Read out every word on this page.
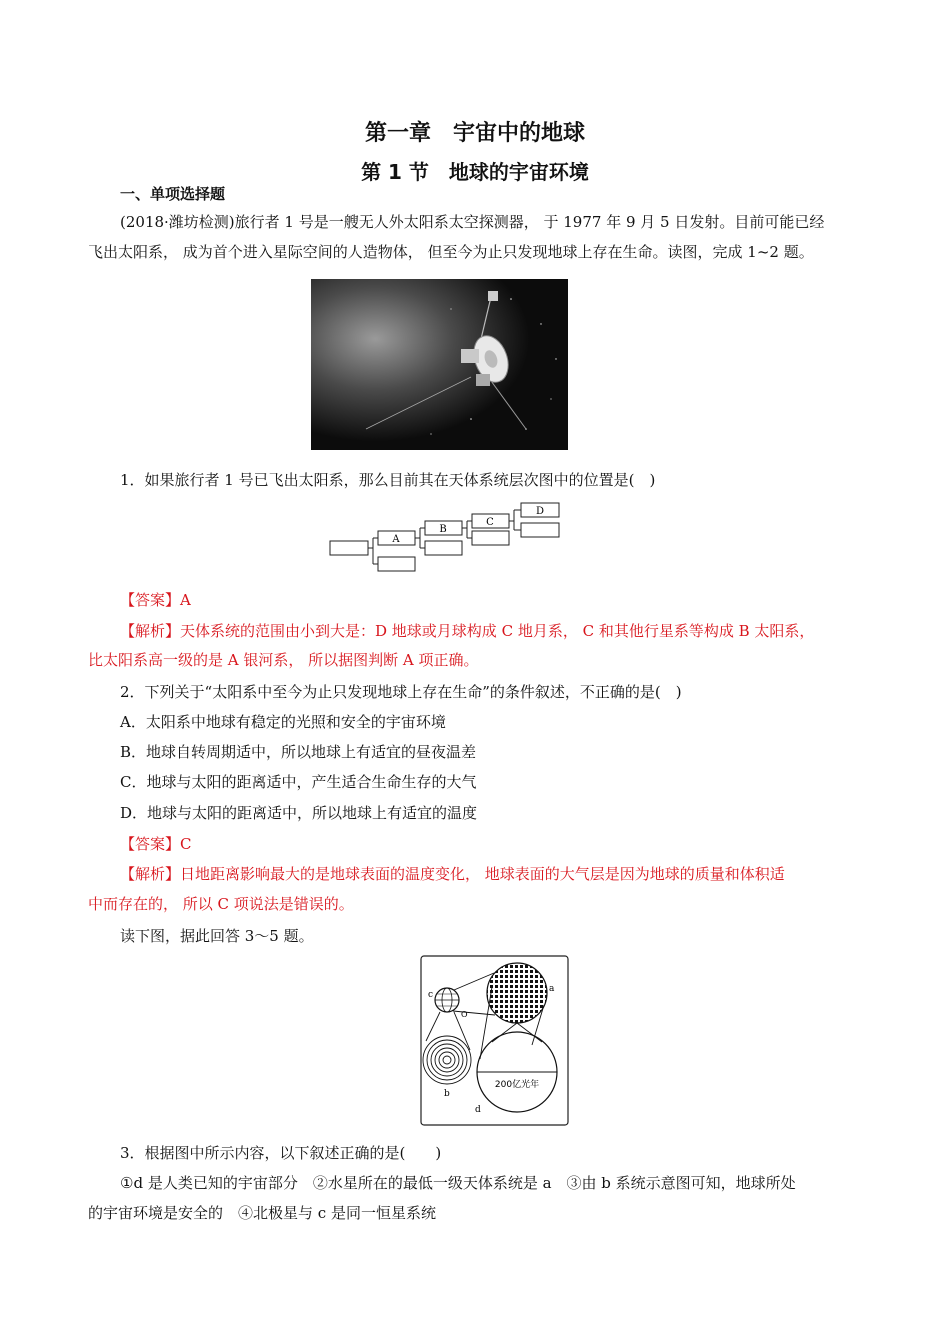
第一章　宇宙中的地球
第 1 节　地球的宇宙环境
一、单项选择题
(2018·潍坊检测)旅行者 1 号是一艘无人外太阳系太空探测器， 于 1977 年 9 月 5 日发射。目前可能已经
飞出太阳系， 成为首个进入星际空间的人造物体， 但至今为止只发现地球上存在生命。读图，完成 1~2 题。
1．如果旅行者 1 号已飞出太阳系，那么目前其在天体系统层次图中的位置是(　)
A
B
C
D
【答案】A
【解析】天体系统的范围由小到大是：D 地球或月球构成 C 地月系， C 和其他行星系等构成 B 太阳系，
比太阳系高一级的是 A 银河系， 所以据图判断 A 项正确。
2．下列关于“太阳系中至今为止只发现地球上存在生命”的条件叙述，不正确的是(　)
A．太阳系中地球有稳定的光照和安全的宇宙环境
B．地球自转周期适中，所以地球上有适宜的昼夜温差
C．地球与太阳的距离适中，产生适合生命生存的大气
D．地球与太阳的距离适中，所以地球上有适宜的温度
【答案】C
【解析】日地距离影响最大的是地球表面的温度变化， 地球表面的大气层是因为地球的质量和体积适
中而存在的， 所以 C 项说法是错误的。
读下图，据此回答 3～5 题。
c
O
a
b
d
200亿光年
3．根据图中所示内容，以下叙述正确的是(　　)
①d 是人类已知的宇宙部分　②水星所在的最低一级天体系统是 a　③由 b 系统示意图可知，地球所处
的宇宙环境是安全的　④北极星与 c 是同一恒星系统
